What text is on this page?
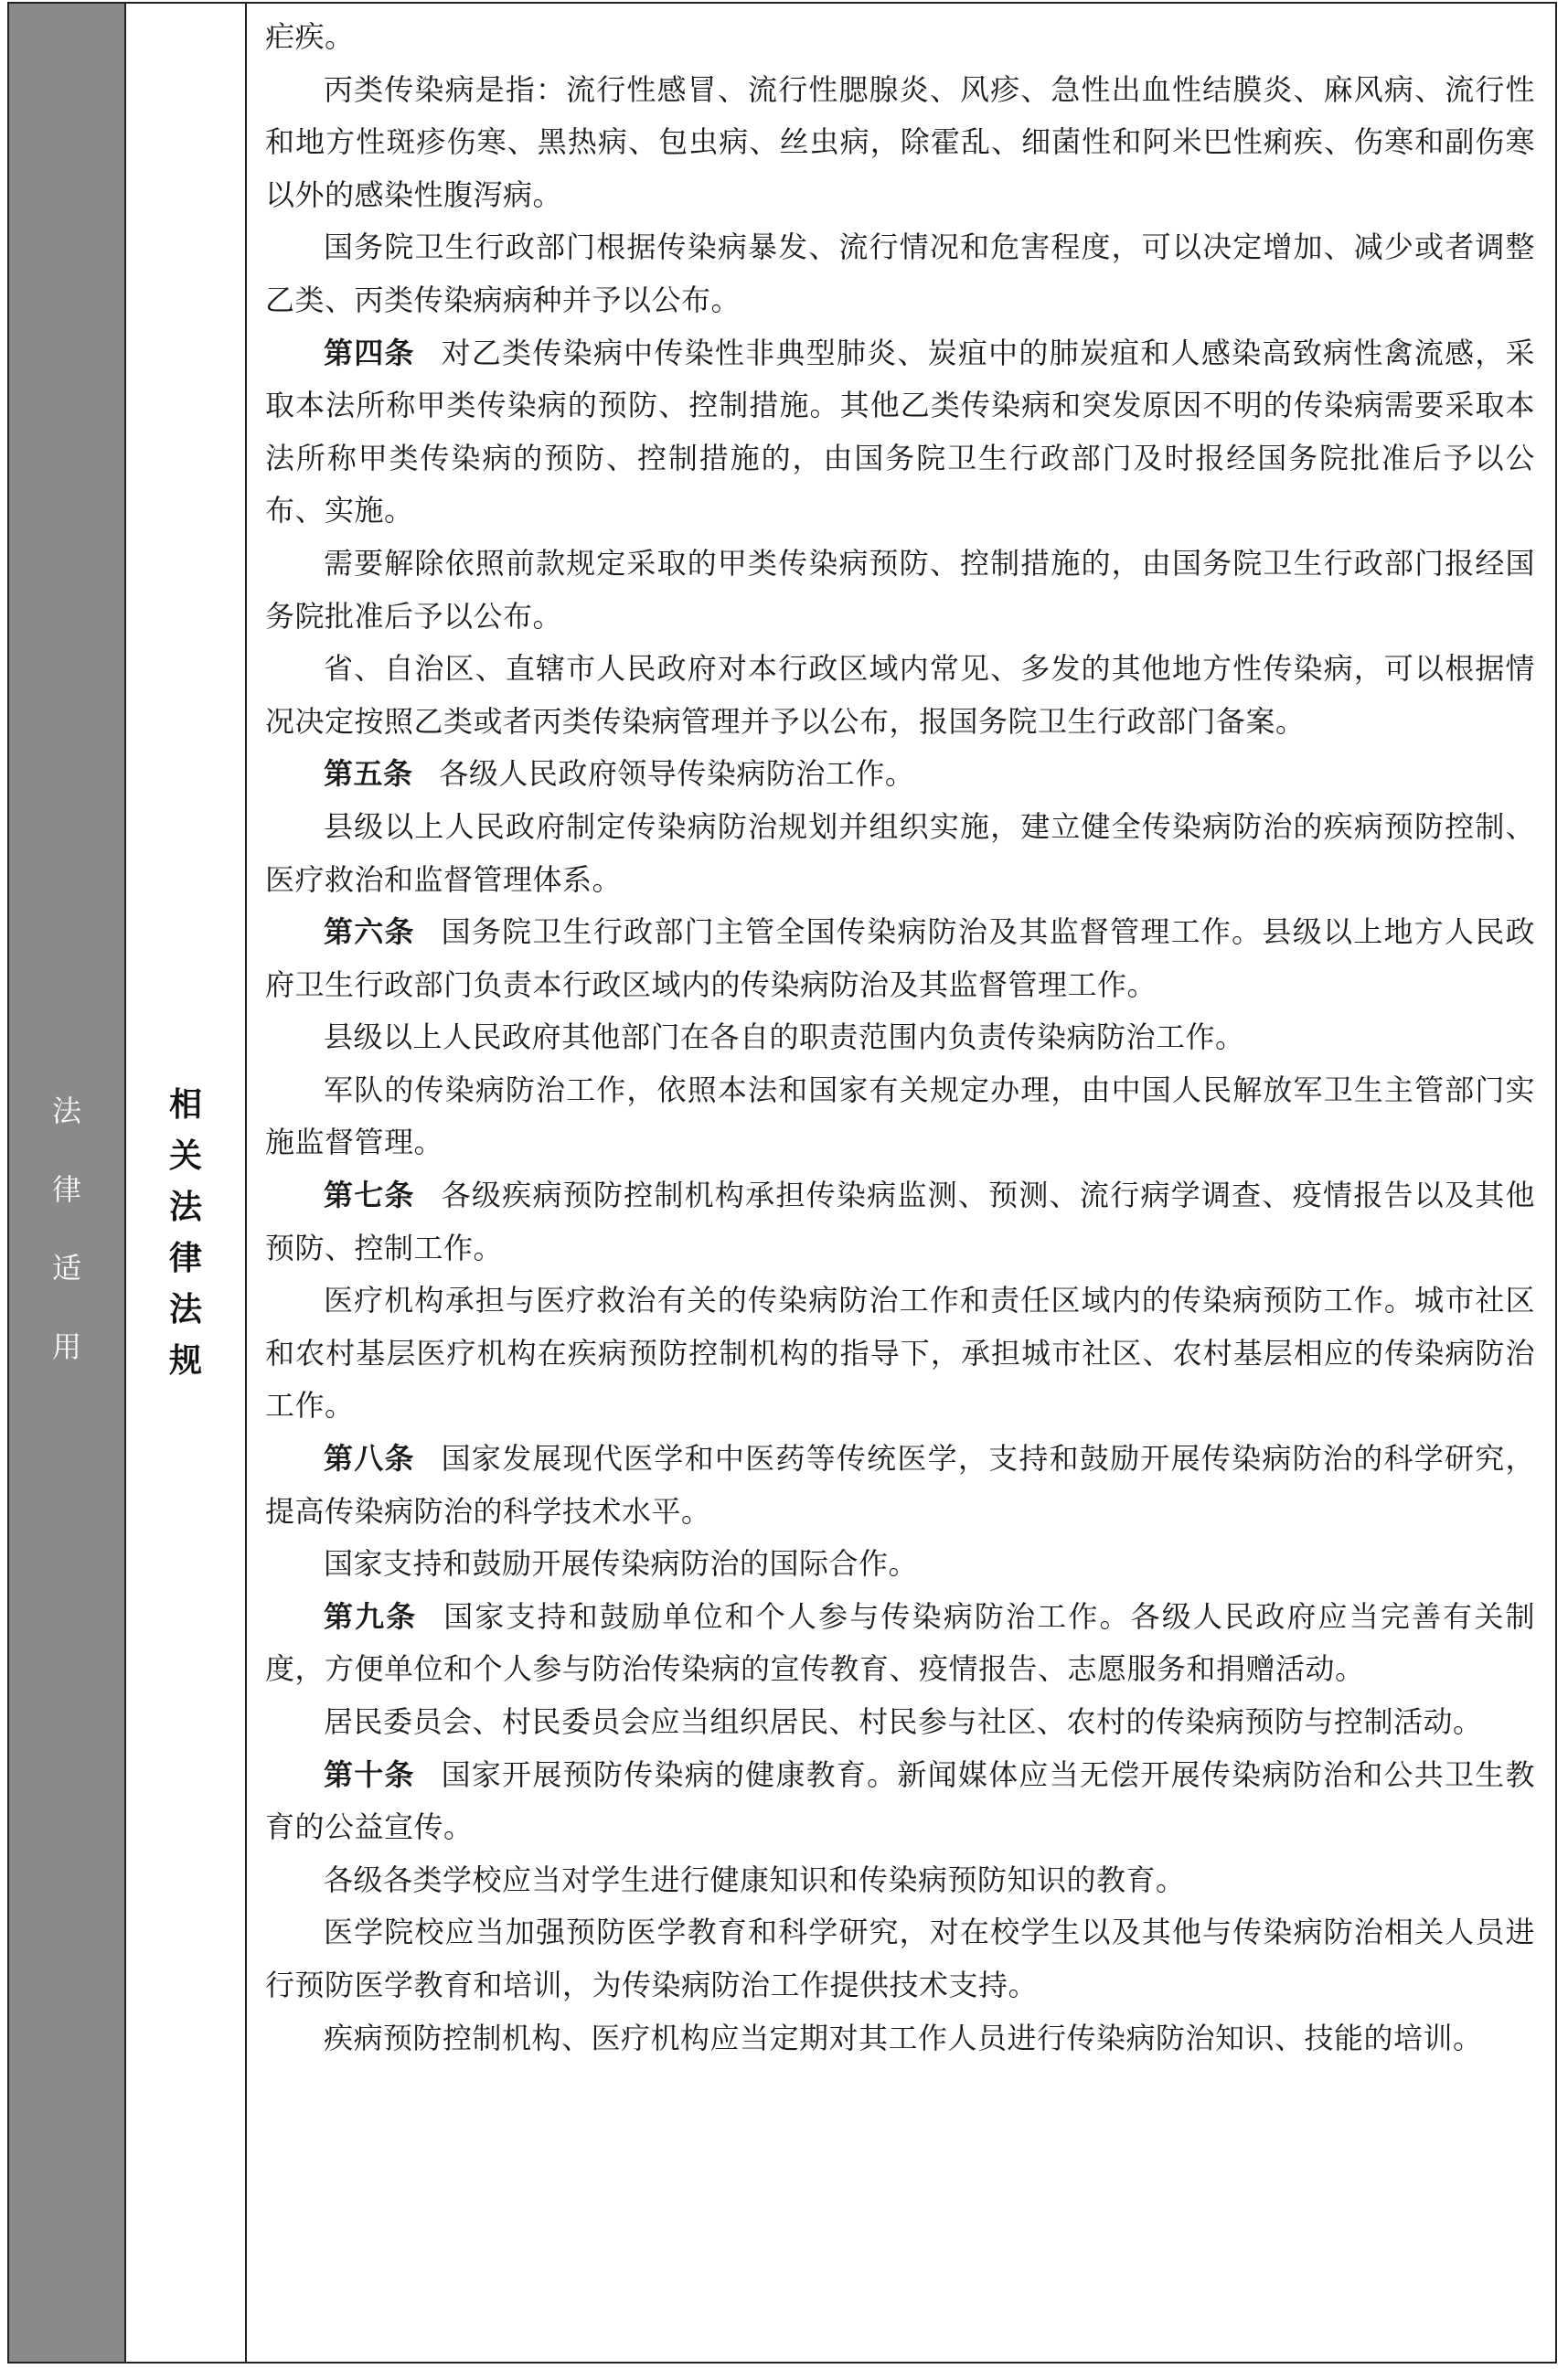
法
律
适
用
相
关
法
律
法
规

疟疾。

丙类传染病是指：流行性感冒、流行性腮腺炎、风疹、急性出血性结膜炎、麻风病、流行性和地方性斑疹伤寒、黑热病、包虫病、丝虫病，除霍乱、细菌性和阿米巴性痢疾、伤寒和副伤寒以外的感染性腹泻病。

国务院卫生行政部门根据传染病暴发、流行情况和危害程度，可以决定增加、减少或者调整乙类、丙类传染病病种并予以公布。

第四条 对乙类传染病中传染性非典型肺炎、炭疽中的肺炭疽和人感染高致病性禽流感，采取本法所称甲类传染病的预防、控制措施。其他乙类传染病和突发原因不明的传染病需要采取本法所称甲类传染病的预防、控制措施的，由国务院卫生行政部门及时报经国务院批准后予以公布、实施。

需要解除依照前款规定采取的甲类传染病预防、控制措施的，由国务院卫生行政部门报经国务院批准后予以公布。

省、自治区、直辖市人民政府对本行政区域内常见、多发的其他地方性传染病，可以根据情况决定按照乙类或者丙类传染病管理并予以公布，报国务院卫生行政部门备案。

第五条 各级人民政府领导传染病防治工作。

县级以上人民政府制定传染病防治规划并组织实施，建立健全传染病防治的疾病预防控制、医疗救治和监督管理体系。

第六条 国务院卫生行政部门主管全国传染病防治及其监督管理工作。县级以上地方人民政府卫生行政部门负责本行政区域内的传染病防治及其监督管理工作。

县级以上人民政府其他部门在各自的职责范围内负责传染病防治工作。

军队的传染病防治工作，依照本法和国家有关规定办理，由中国人民解放军卫生主管部门实施监督管理。

第七条 各级疾病预防控制机构承担传染病监测、预测、流行病学调查、疫情报告以及其他预防、控制工作。

医疗机构承担与医疗救治有关的传染病防治工作和责任区域内的传染病预防工作。城市社区和农村基层医疗机构在疾病预防控制机构的指导下，承担城市社区、农村基层相应的传染病防治工作。

第八条 国家发展现代医学和中医药等传统医学，支持和鼓励开展传染病防治的科学研究，提高传染病防治的科学技术水平。

国家支持和鼓励开展传染病防治的国际合作。

第九条 国家支持和鼓励单位和个人参与传染病防治工作。各级人民政府应当完善有关制度，方便单位和个人参与防治传染病的宣传教育、疫情报告、志愿服务和捐赠活动。

居民委员会、村民委员会应当组织居民、村民参与社区、农村的传染病预防与控制活动。

第十条 国家开展预防传染病的健康教育。新闻媒体应当无偿开展传染病防治和公共卫生教育的公益宣传。

各级各类学校应当对学生进行健康知识和传染病预防知识的教育。

医学院校应当加强预防医学教育和科学研究，对在校学生以及其他与传染病防治相关人员进行预防医学教育和培训，为传染病防治工作提供技术支持。

疾病预防控制机构、医疗机构应当定期对其工作人员进行传染病防治知识、技能的培训。
